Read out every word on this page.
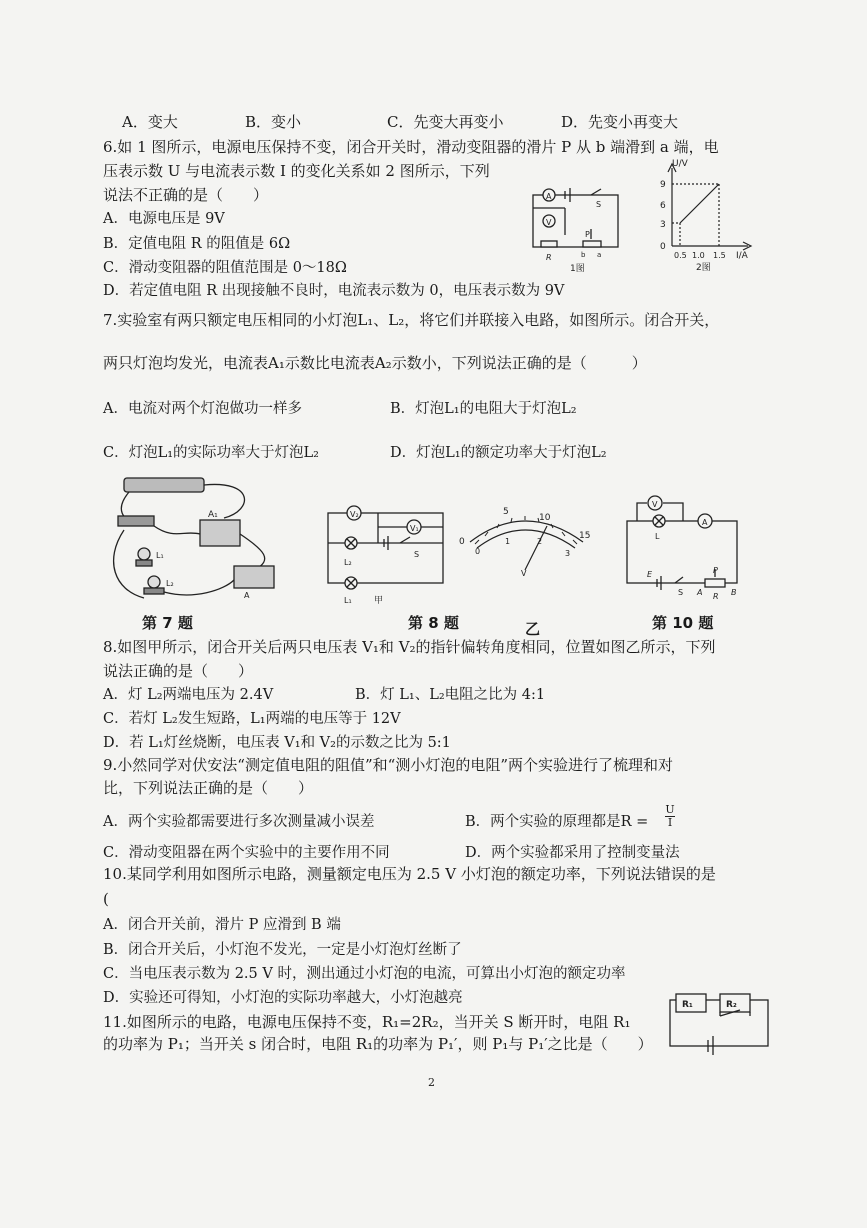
A．变大	B．变小	C．先变大再变小	D．先变小再变大
6.如 1 图所示，电源电压保持不变，闭合开关时，滑动变阻器的滑片 P 从 b 端滑到 a 端，电
压表示数 U 与电流表示数 I 的变化关系如 2 图所示，下列
说法不正确的是（　　）
A．电源电压是 9V
B．定值电阻 R 的阻值是 6Ω
C．滑动变阻器的阻值范围是 0～18Ω
D．若定值电阻 R 出现接触不良时，电流表示数为 0，电压表示数为 9V
A
V
S
P
R	b a
1图
U/V
9
6
3
0
0.5 1.0 1.5 I/A
2图
7.实验室有两只额定电压相同的小灯泡L₁、L₂，将它们并联接入电路，如图所示。闭合开关，
两只灯泡均发光，电流表A₁示数比电流表A₂示数小，下列说法正确的是（　　　）
A．电流对两个灯泡做功一样多	B．灯泡L₁的电阻大于灯泡L₂
C．灯泡L₁的实际功率大于灯泡L₂	D．灯泡L₁的额定功率大于灯泡L₂
A₁
L₁
A
L₂
V₂
V₁
S
L₂
L₁ 甲
0
5
10
15
0
1	2
3
V
V
A
L
E
S A
P
R B
第 7 题	第 8 题	乙	第 10 题
8.如图甲所示，闭合开关后两只电压表 V₁和 V₂的指针偏转角度相同，位置如图乙所示，下列
说法正确的是（　　）
A．灯 L₂两端电压为 2.4V	B．灯 L₁、L₂电阻之比为 4:1
C．若灯 L₂发生短路，L₁两端的电压等于 12V
D．若 L₁灯丝烧断，电压表 V₁和 V₂的示数之比为 5:1
9.小然同学对伏安法“测定值电阻的阻值”和“测小灯泡的电阻”两个实验进行了梳理和对
比，下列说法正确的是（　　）
A．两个实验都需要进行多次测量减小误差	B．两个实验的原理都是R =
U
I
C．滑动变阻器在两个实验中的主要作用不同	D．两个实验都采用了控制变量法
10.某同学利用如图所示电路，测量额定电压为 2.5 V 小灯泡的额定功率，下列说法错误的是
(
A．闭合开关前，滑片 P 应滑到 B 端
B．闭合开关后，小灯泡不发光，一定是小灯泡灯丝断了
C．当电压表示数为 2.5 V 时，测出通过小灯泡的电流，可算出小灯泡的额定功率
D．实验还可得知，小灯泡的实际功率越大，小灯泡越亮
11.如图所示的电路，电源电压保持不变，R₁=2R₂，当开关 S 断开时，电阻 R₁
的功率为 P₁；当开关 s 闭合时，电阻 R₁的功率为 P₁′，则 P₁与 P₁′之比是（　　）
R₁	R₂
2
